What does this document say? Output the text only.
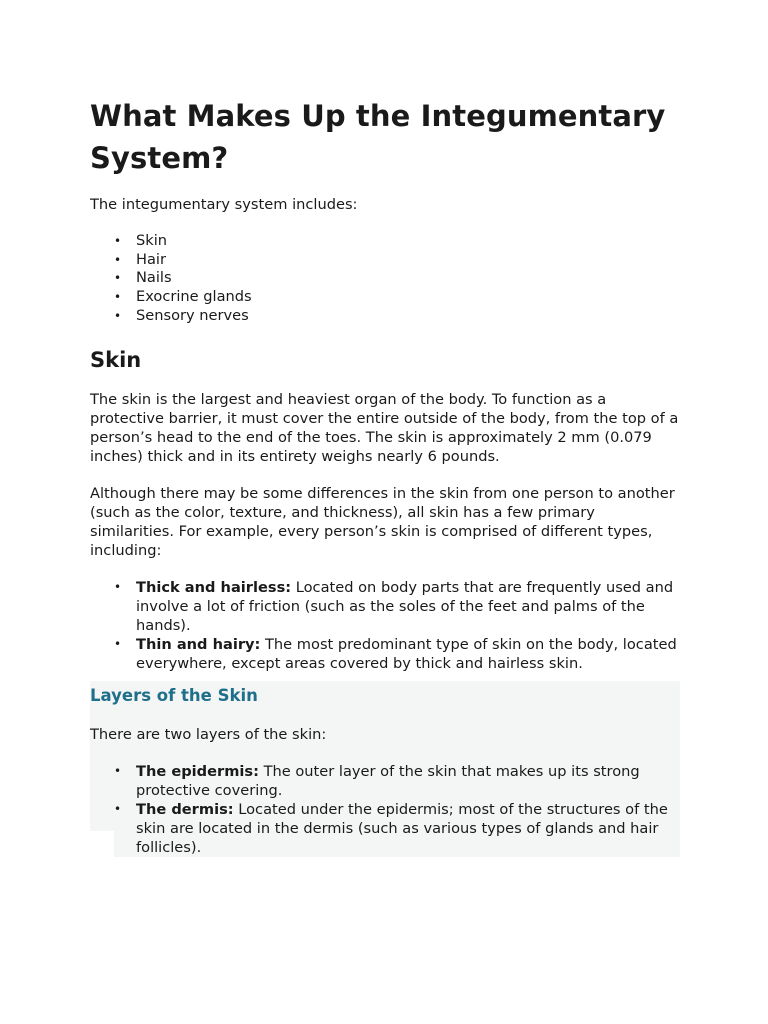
What Makes Up the Integumentary System?

The integumentary system includes:

• Skin
• Hair
• Nails
• Exocrine glands
• Sensory nerves
Skin

The skin is the largest and heaviest organ of the body. To function as a protective barrier, it must cover the entire outside of the body, from the top of a person’s head to the end of the toes. The skin is approximately 2 mm (0.079 inches) thick and in its entirety weighs nearly 6 pounds.

Although there may be some differences in the skin from one person to another (such as the color, texture, and thickness), all skin has a few primary similarities. For example, every person’s skin is comprised of different types, including:

• Thick and hairless: Located on body parts that are frequently used and involve a lot of friction (such as the soles of the feet and palms of the hands).
• Thin and hairy: The most predominant type of skin on the body, located everywhere, except areas covered by thick and hairless skin.
Layers of the Skin

There are two layers of the skin:

• The epidermis: The outer layer of the skin that makes up its strong protective covering.
• The dermis: Located under the epidermis; most of the structures of the skin are located in the dermis (such as various types of glands and hair follicles).
